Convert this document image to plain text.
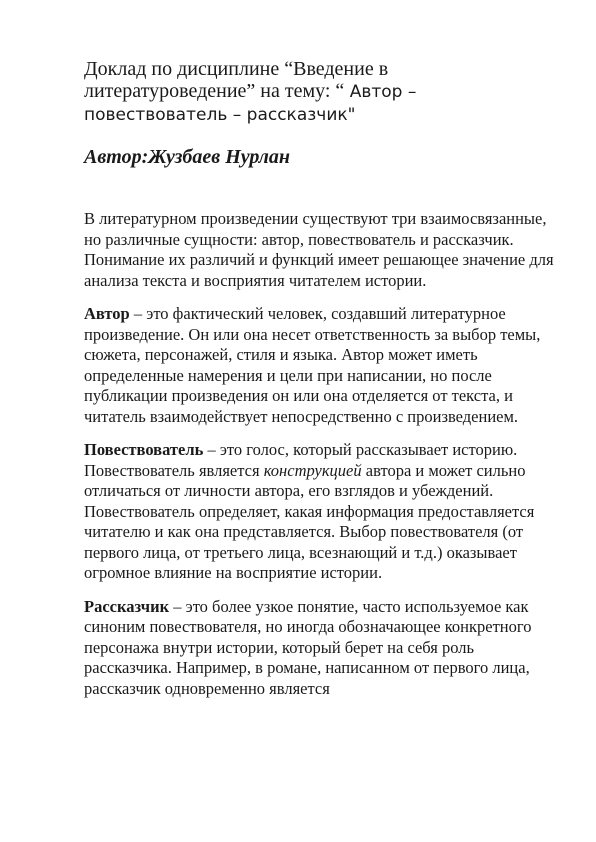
Доклад по дисциплине “Введение в литературоведение” на тему: “ Автор – повествователь – рассказчик"
Автор:Жузбаев Нурлан

В литературном произведении существуют три взаимосвязанные, но различные сущности: автор, повествователь и рассказчик. Понимание их различий и функций имеет решающее значение для анализа текста и восприятия читателем истории.

Автор – это фактический человек, создавший литературное произведение. Он или она несет ответственность за выбор темы, сюжета, персонажей, стиля и языка. Автор может иметь определенные намерения и цели при написании, но после публикации произведения он или она отделяется от текста, и читатель взаимодействует непосредственно с произведением.

Повествователь – это голос, который рассказывает историю. Повествователь является конструкцией автора и может сильно отличаться от личности автора, его взглядов и убеждений. Повествователь определяет, какая информация предоставляется читателю и как она представляется. Выбор повествователя (от первого лица, от третьего лица, всезнающий и т.д.) оказывает огромное влияние на восприятие истории.

Рассказчик – это более узкое понятие, часто используемое как синоним повествователя, но иногда обозначающее конкретного персонажа внутри истории, который берет на себя роль рассказчика. Например, в романе, написанном от первого лица, рассказчик одновременно является
